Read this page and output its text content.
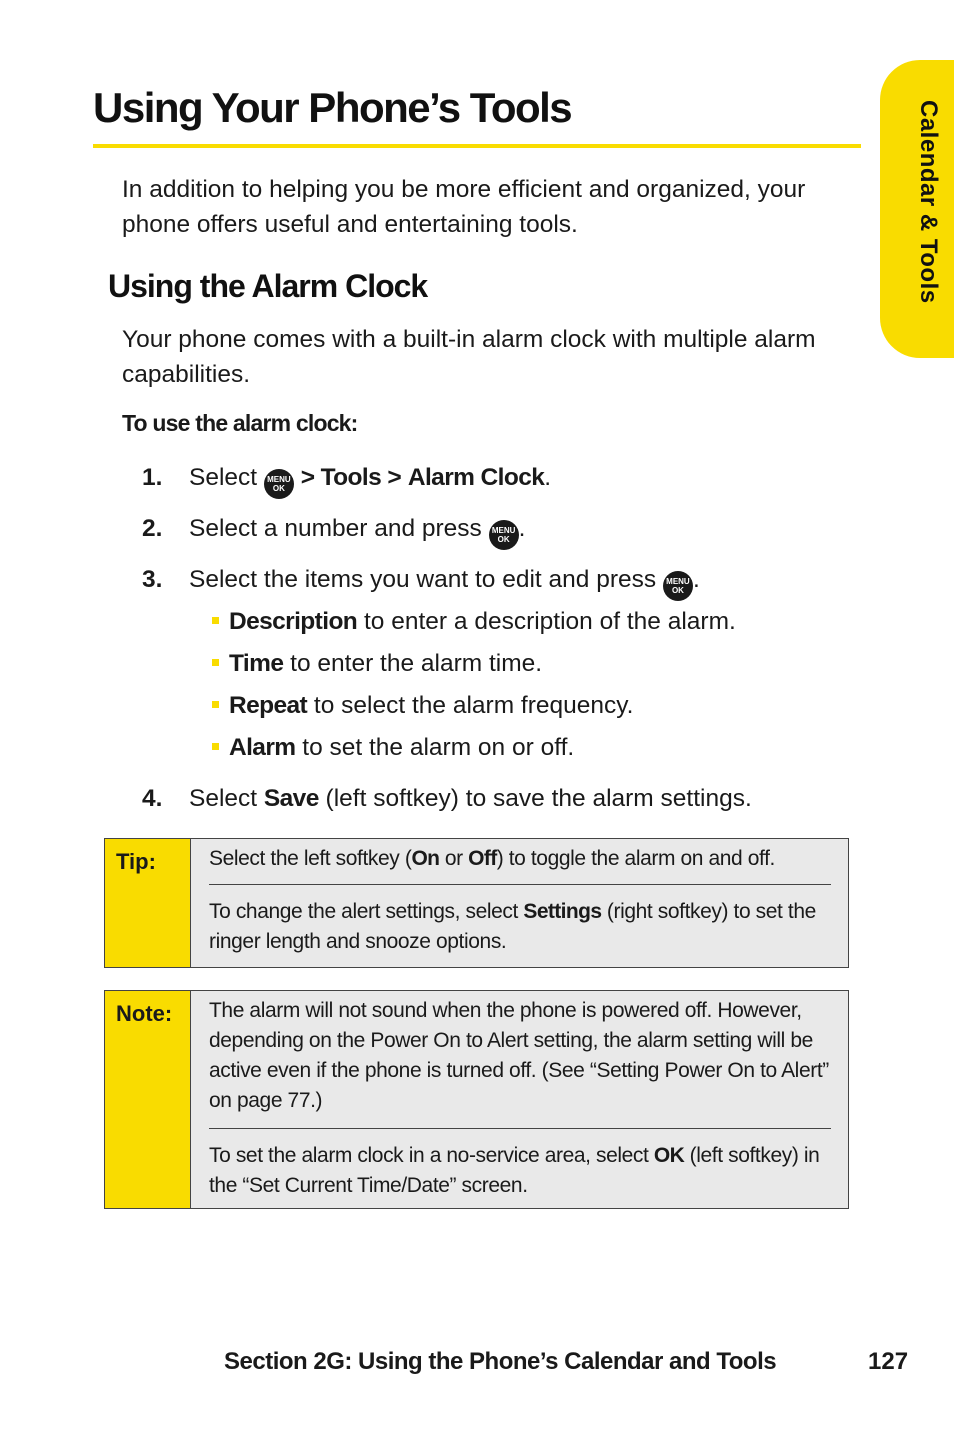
Calendar & Tools
Using Your Phone’s Tools

In addition to helping you be more efficient and organized, your phone offers useful and entertaining tools.

Using the Alarm Clock

Your phone comes with a built-in alarm clock with multiple alarm capabilities.

To use the alarm clock:

1. Select	MENU
OK > Tools > Alarm Clock.
2. Select a number and press	MENU
OK .
3. Select the items you want to edit and press	MENU
OK .
Description to enter a description of the alarm.
Time to enter the alarm time.
Repeat to select the alarm frequency.
Alarm to set the alarm on or off.
4. Select Save (left softkey) to save the alarm settings.
Tip:	Select the left softkey (On or Off) to toggle the alarm on and off.

To change the alert settings, select Settings (right softkey) to set the ringer length and snooze options.

Note:	The alarm will not sound when the phone is powered off. However, depending on the Power On to Alert setting, the alarm setting will be active even if the phone is turned off. (See “Setting Power On to Alert” on page 77.)

To set the alarm clock in a no-service area, select OK (left softkey) in the “Set Current Time/Date” screen.

Section 2G: Using the Phone’s Calendar and Tools	127
